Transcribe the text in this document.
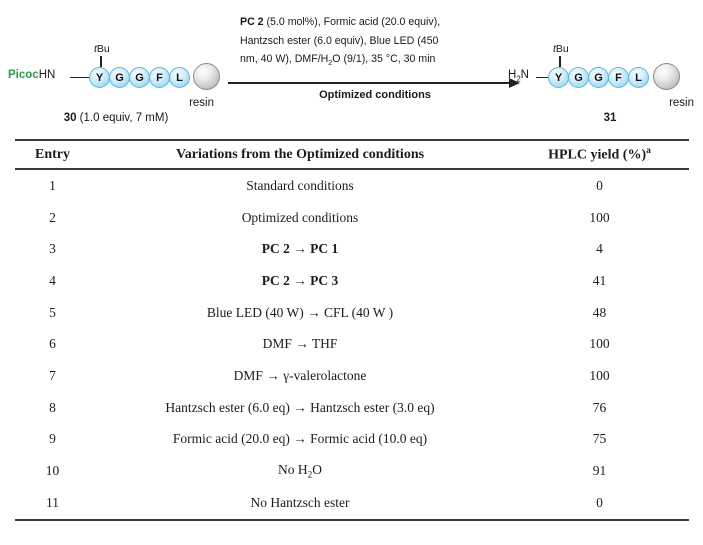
tBu
PicocHN	Y	G	G	F	L
resin
30 (1.0 equiv, 7 mM)
PC 2 (5.0 mol%), Formic acid (20.0 equiv),
Hantzsch ester (6.0 equiv), Blue LED (450
nm, 40 W), DMF/$H_2O$ (9/1), 35 °C, 30 min
Optimized conditions
tBu
$H_2N$	Y	G	G	F	L
resin
31
Entry	Variations from the Optimized conditions	HPLC yield (%)$^a$
1	Standard conditions	0
2	Optimized conditions	100
3	PC 2 → PC 1	4
4	PC 2 → PC 3	41
5	Blue LED (40 W) → CFL (40 W )	48
6	DMF → THF	100
7	DMF → γ-valerolactone	100
8	Hantzsch ester (6.0 eq) → Hantzsch ester (3.0 eq)	76
9	Formic acid (20.0 eq) → Formic acid (10.0 eq)	75
10	No $H_2O$	91
11	No Hantzsch ester	0
